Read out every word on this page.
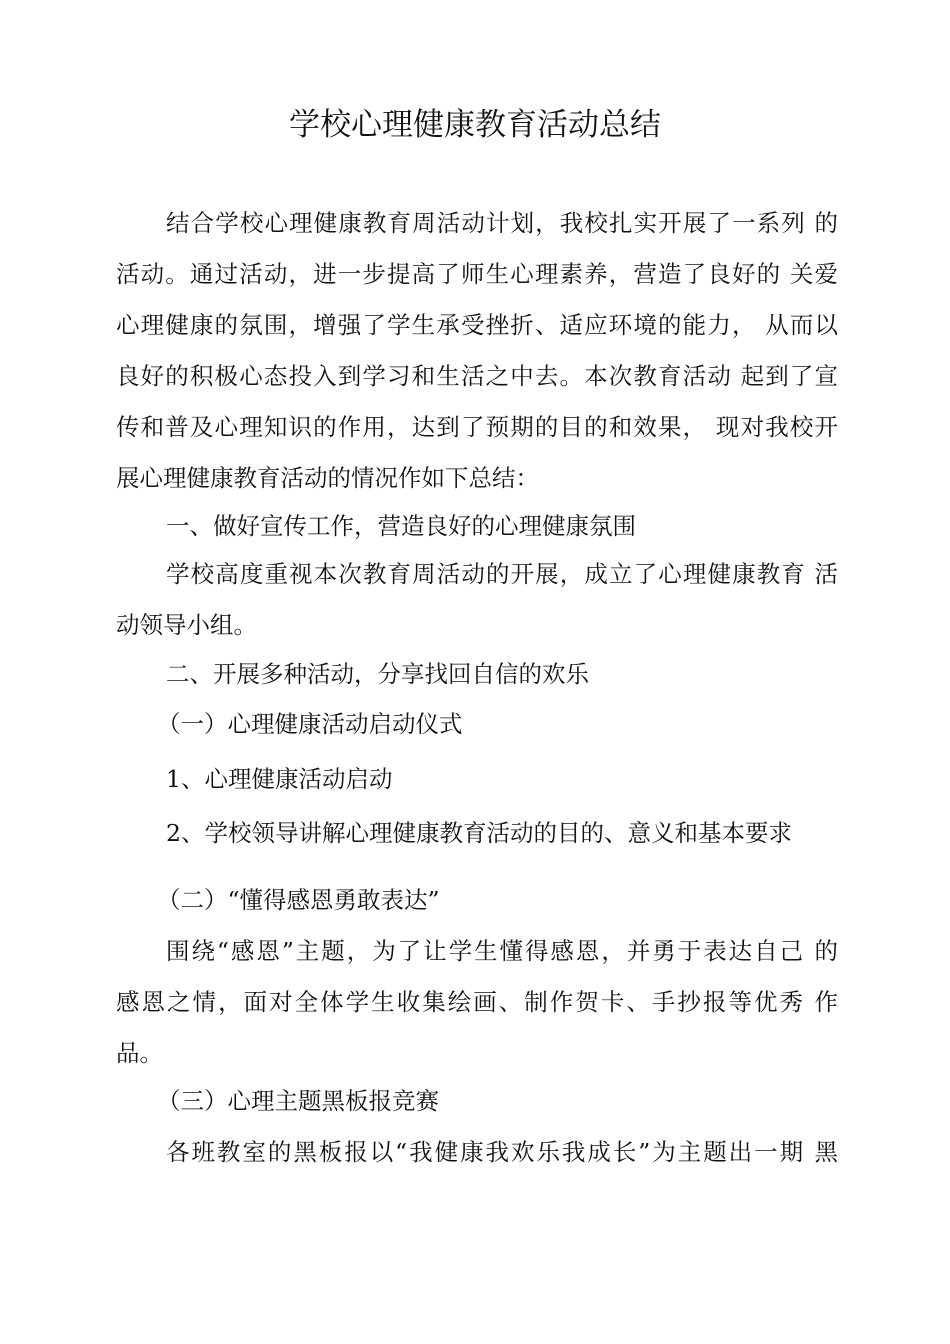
学校心理健康教育活动总结
结合学校心理健康教育周活动计划，我校扎实开展了一系列 的
活动。通过活动，进一步提高了师生心理素养，营造了良好的 关爱
心理健康的氛围，增强了学生承受挫折、适应环境的能力， 从而以
良好的积极心态投入到学习和生活之中去。本次教育活动 起到了宣
传和普及心理知识的作用，达到了预期的目的和效果， 现对我校开
展心理健康教育活动的情况作如下总结：
一、做好宣传工作，营造良好的心理健康氛围
学校高度重视本次教育周活动的开展，成立了心理健康教育 活
动领导小组。
二、开展多种活动，分享找回自信的欢乐
（一）心理健康活动启动仪式
1、心理健康活动启动
2、学校领导讲解心理健康教育活动的目的、意义和基本要求
（二）“懂得感恩勇敢表达”
围绕“感恩”主题，为了让学生懂得感恩，并勇于表达自己 的
感恩之情，面对全体学生收集绘画、制作贺卡、手抄报等优秀 作
品。
（三）心理主题黑板报竞赛
各班教室的黑板报以“我健康我欢乐我成长”为主题出一期 黑
